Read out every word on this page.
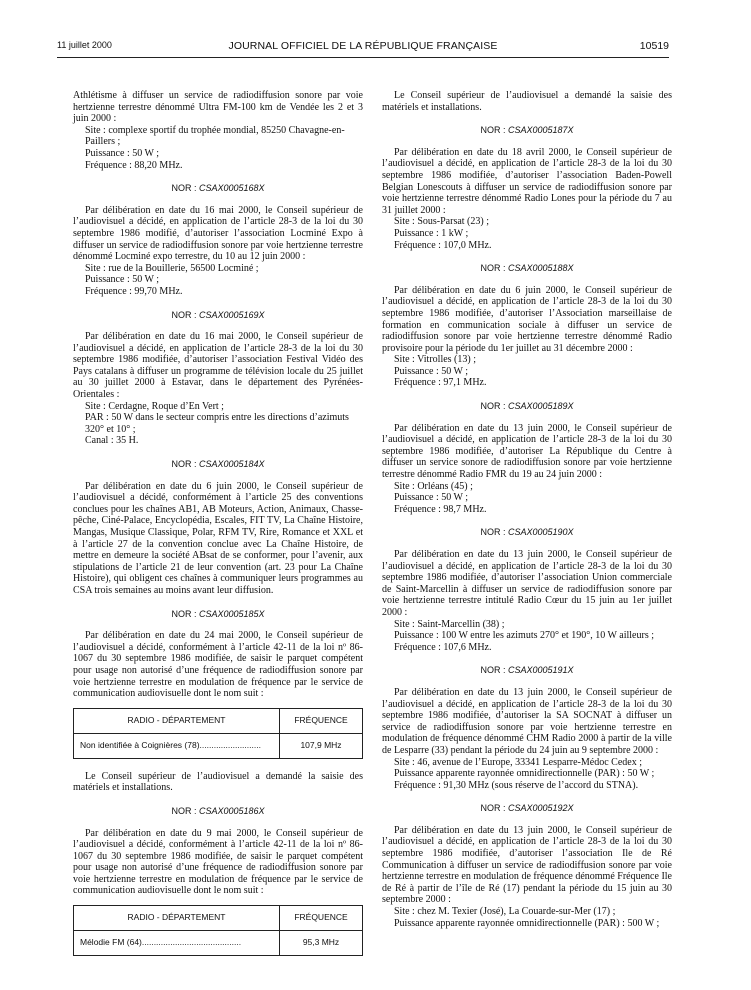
11 juillet 2000	JOURNAL OFFICIEL DE LA RÉPUBLIQUE FRANÇAISE	10519

Athlétisme à diffuser un service de radiodiffusion sonore par voie hertzienne terrestre dénommé Ultra FM-100 km de Vendée les 2 et 3 juin 2000 :

Site : complexe sportif du trophée mondial, 85250 Chavagne-en-Paillers ;

Puissance : 50 W ;

Fréquence : 88,20 MHz.

NOR : CSAX0005168X

Par délibération en date du 16 mai 2000, le Conseil supérieur de l’audiovisuel a décidé, en application de l’article 28-3 de la loi du 30 septembre 1986 modifié, d’autoriser l’association Locminé Expo à diffuser un service de radiodiffusion sonore par voie hertzienne terrestre dénommé Locminé expo terrestre, du 10 au 12 juin 2000 :

Site : rue de la Bouillerie, 56500 Locminé ;

Puissance : 50 W ;

Fréquence : 99,70 MHz.

NOR : CSAX0005169X

Par délibération en date du 16 mai 2000, le Conseil supérieur de l’audiovisuel a décidé, en application de l’article 28-3 de la loi du 30 septembre 1986 modifiée, d’autoriser l’association Festival Vidéo des Pays catalans à diffuser un programme de télévision locale du 25 juillet au 30 juillet 2000 à Estavar, dans le département des Pyrénées-Orientales :

Site : Cerdagne, Roque d’En Vert ;

PAR : 50 W dans le secteur compris entre les directions d’azimuts 320° et 10° ;

Canal : 35 H.

NOR : CSAX0005184X

Par délibération en date du 6 juin 2000, le Conseil supérieur de l’audiovisuel a décidé, conformément à l’article 25 des conventions conclues pour les chaînes AB1, AB Moteurs, Action, Animaux, Chasse-pêche, Ciné-Palace, Encyclopédia, Escales, FIT TV, La Chaîne Histoire, Mangas, Musique Classique, Polar, RFM TV, Rire, Romance et XXL et à l’article 27 de la convention conclue avec La Chaîne Histoire, de mettre en demeure la société ABsat de se conformer, pour l’avenir, aux stipulations de l’article 21 de leur convention (art. 23 pour La Chaîne Histoire), qui obligent ces chaînes à communiquer leurs programmes au CSA trois semaines au moins avant leur diffusion.

NOR : CSAX0005185X

Par délibération en date du 24 mai 2000, le Conseil supérieur de l’audiovisuel a décidé, conformément à l’article 42-11 de la loi nº 86-1067 du 30 septembre 1986 modifiée, de saisir le parquet compétent pour usage non autorisé d’une fréquence de radiodiffusion sonore par voie hertzienne terrestre en modulation de fréquence par le service de communication audiovisuelle dont le nom suit :

RADIO - DÉPARTEMENT	FRÉQUENCE
Non identifiée à Coignières (78)..........................	107,9 MHz

Le Conseil supérieur de l’audiovisuel a demandé la saisie des matériels et installations.

NOR : CSAX0005186X

Par délibération en date du 9 mai 2000, le Conseil supérieur de l’audiovisuel a décidé, conformément à l’article 42-11 de la loi nº 86-1067 du 30 septembre 1986 modifiée, de saisir le parquet compétent pour usage non autorisé d’une fréquence de radiodiffusion sonore par voie hertzienne terrestre en modulation de fréquence par le service de communication audiovisuelle dont le nom suit :

RADIO - DÉPARTEMENT	FRÉQUENCE
Mélodie FM (64)..........................................	95,3 MHz

Le Conseil supérieur de l’audiovisuel a demandé la saisie des matériels et installations.

NOR : CSAX0005187X

Par délibération en date du 18 avril 2000, le Conseil supérieur de l’audiovisuel a décidé, en application de l’article 28-3 de la loi du 30 septembre 1986 modifiée, d’autoriser l’association Baden-Powell Belgian Lonescouts à diffuser un service de radiodiffusion sonore par voie hertzienne terrestre dénommé Radio Lones pour la période du 7 au 31 juillet 2000 :

Site : Sous-Parsat (23) ;

Puissance : 1 kW ;

Fréquence : 107,0 MHz.

NOR : CSAX0005188X

Par délibération en date du 6 juin 2000, le Conseil supérieur de l’audiovisuel a décidé, en application de l’article 28-3 de la loi du 30 septembre 1986 modifiée, d’autoriser l’Association marseillaise de formation en communication sociale à diffuser un service de radiodiffusion sonore par voie hertzienne terrestre dénommé Radio provisoire pour la période du 1er juillet au 31 décembre 2000 :

Site : Vitrolles (13) ;

Puissance : 50 W ;

Fréquence : 97,1 MHz.

NOR : CSAX0005189X

Par délibération en date du 13 juin 2000, le Conseil supérieur de l’audiovisuel a décidé, en application de l’article 28-3 de la loi du 30 septembre 1986 modifiée, d’autoriser La République du Centre à diffuser un service sonore de radiodiffusion sonore par voie hertzienne terrestre dénommé Radio FMR du 19 au 24 juin 2000 :

Site : Orléans (45) ;

Puissance : 50 W ;

Fréquence : 98,7 MHz.

NOR : CSAX0005190X

Par délibération en date du 13 juin 2000, le Conseil supérieur de l’audiovisuel a décidé, en application de l’article 28-3 de la loi du 30 septembre 1986 modifiée, d’autoriser l’association Union commerciale de Saint-Marcellin à diffuser un service de radiodiffusion sonore par voie hertzienne terrestre intitulé Radio Cœur du 15 juin au 1er juillet 2000 :

Site : Saint-Marcellin (38) ;

Puissance : 100 W entre les azimuts 270° et 190°, 10 W ailleurs ;

Fréquence : 107,6 MHz.

NOR : CSAX0005191X

Par délibération en date du 13 juin 2000, le Conseil supérieur de l’audiovisuel a décidé, en application de l’article 28-3 de la loi du 30 septembre 1986 modifiée, d’autoriser la SA SOCNAT à diffuser un service de radiodiffusion sonore par voie hertzienne terrestre en modulation de fréquence dénommé CHM Radio 2000 à partir de la ville de Lesparre (33) pendant la période du 24 juin au 9 septembre 2000 :

Site : 46, avenue de l’Europe, 33341 Lesparre-Médoc Cedex ;

Puissance apparente rayonnée omnidirectionnelle (PAR) : 50 W ;

Fréquence : 91,30 MHz (sous réserve de l’accord du STNA).

NOR : CSAX0005192X

Par délibération en date du 13 juin 2000, le Conseil supérieur de l’audiovisuel a décidé, en application de l’article 28-3 de la loi du 30 septembre 1986 modifiée, d’autoriser l’association Ile de Ré Communication à diffuser un service de radiodiffusion sonore par voie hertzienne terrestre en modulation de fréquence dénommé Fréquence Ile de Ré à partir de l’île de Ré (17) pendant la période du 15 juin au 30 septembre 2000 :

Site : chez M. Texier (José), La Couarde-sur-Mer (17) ;

Puissance apparente rayonnée omnidirectionnelle (PAR) : 500 W ;
